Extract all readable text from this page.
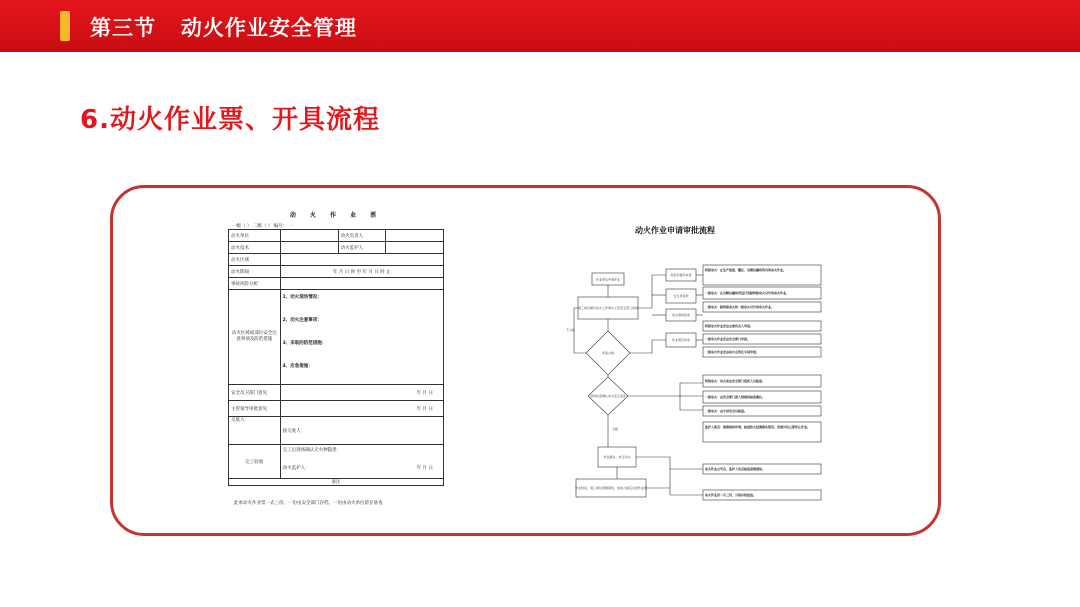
第三节   动火作业安全管理
6.动火作业票、开具流程
动 火 作 业 票
一级（ ） 二级（ ） 编号： 一

动火单位		动火负责人	
动火技术		动火监护人	
动火区域			
动火期间	年 月 日 时 至 年 月 日 时 止		
事故风险分析			
动火区域或部位安全注意事项及防范措施	1、动火现场情况：
2、动火注意事项：
3、采取的防范措施：
4、应急措施：		

安全员卫部门意见	年 月 日		
主管领导审批意见	年 月 日		
交底人：	接交底人：		
完工验收	完工后现场确认无火种隐患：
动火监护人： 年 月 日		

备注			
此单动火作业票一式三份。一份由安全部门存档，一份由动火单位留存备查
动火作业申请审批流程
作业单位申请作业
施工单位填写动火工作票并上报安全部门审批
审查合格
现场检查确认动火安全条件
作业确认、执行动火
作业结束，施工单位清理现场，验收合格后关闭作业票
项目部提出申请
安全员审批
动火现场检查
作业规范审查
不合格
合格
特级动火：在生产装置、罐区、易燃易爆场所内的动火作业。
一级动火：在易燃易爆场所进行的除特级动火以外的动火作业。
二级动火：除特级动火和一级动火以外的动火作业。
特级动火作业票由主要负责人审批。
一级动火作业票由安全部门审批。
二级动火作业票由动火点所在车间审批。
特级动火：动火前由安全部门组织人员检查。
一级动火：由安全部门派人到现场检查确认。
二级动火：由车间安全员检查。
监护人职责：熟悉现场环境，检查防火措施落实情况，发现异常立即停止作业。
动火作业完毕后，监护人负责检查清理现场。
动火作业票一式三份，分别存档备查。
